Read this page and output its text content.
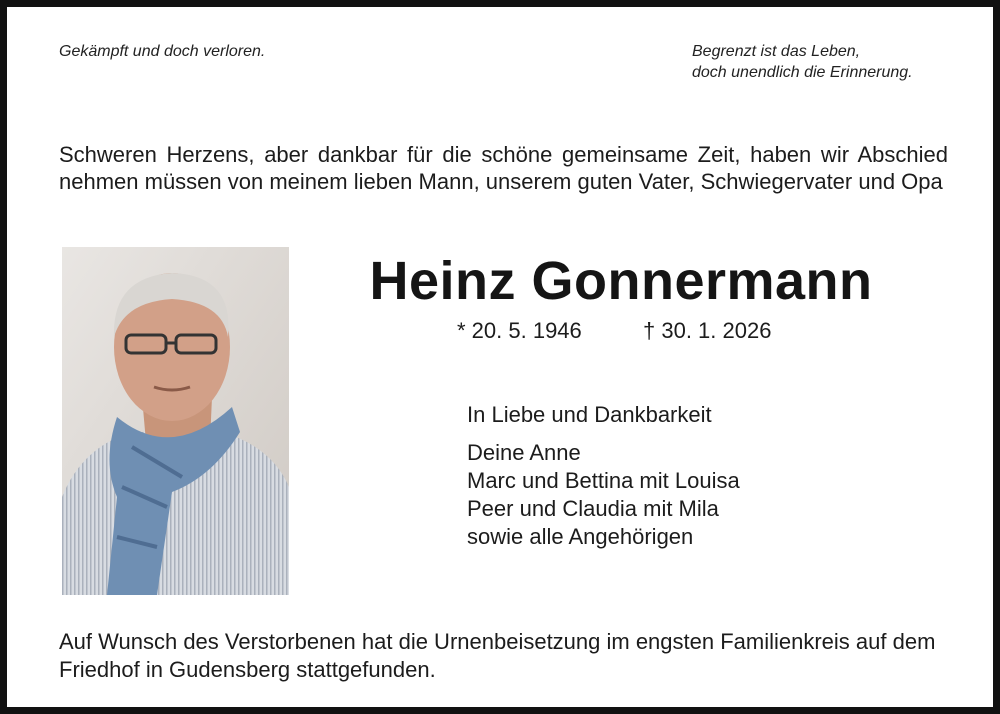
Gekämpft und doch verloren.	Begrenzt ist das Leben,
doch unendlich die Erinnerung.
Schweren Herzens, aber dankbar für die schöne gemeinsame Zeit, haben wir Abschied nehmen müssen von meinem lieben Mann, unserem guten Vater, Schwiegervater und Opa
Heinz Gonnermann
* 20. 5. 1946	† 30. 1. 2026
In Liebe und Dankbarkeit
Deine Anne
Marc und Bettina mit Louisa
Peer und Claudia mit Mila
sowie alle Angehörigen
Auf Wunsch des Verstorbenen hat die Urnenbeisetzung im engsten Familienkreis auf dem Friedhof in Gudensberg stattgefunden.
